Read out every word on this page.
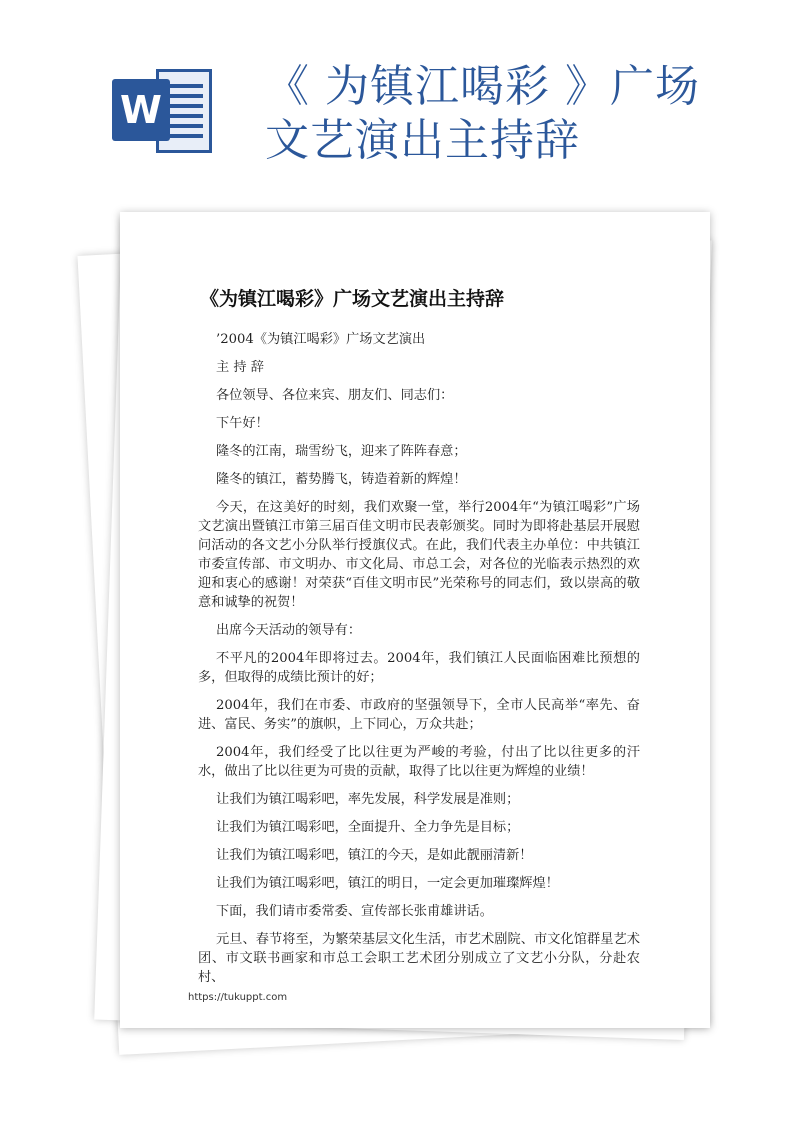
W 《 为镇江喝彩 》广场文艺演出主持辞
《为镇江喝彩》广场文艺演出主持辞

’2004《为镇江喝彩》广场文艺演出

主 持 辞

各位领导、各位来宾、朋友们、同志们：

下午好！

隆冬的江南，瑞雪纷飞，迎来了阵阵春意；

隆冬的镇江，蓄势腾飞，铸造着新的辉煌！

今天，在这美好的时刻，我们欢聚一堂，举行2004年“为镇江喝彩”广场文艺演出暨镇江市第三届百佳文明市民表彰颁奖。同时为即将赴基层开展慰问活动的各文艺小分队举行授旗仪式。在此，我们代表主办单位：中共镇江市委宣传部、市文明办、市文化局、市总工会，对各位的光临表示热烈的欢迎和衷心的感谢！对荣获“百佳文明市民”光荣称号的同志们，致以崇高的敬意和诚挚的祝贺！

出席今天活动的领导有：

不平凡的2004年即将过去。2004年，我们镇江人民面临困难比预想的多，但取得的成绩比预计的好；

2004年，我们在市委、市政府的坚强领导下，全市人民高举“率先、奋进、富民、务实”的旗帜，上下同心，万众共赴；

2004年，我们经受了比以往更为严峻的考验，付出了比以往更多的汗水，做出了比以往更为可贵的贡献，取得了比以往更为辉煌的业绩！

让我们为镇江喝彩吧，率先发展，科学发展是准则；

让我们为镇江喝彩吧，全面提升、全力争先是目标；

让我们为镇江喝彩吧，镇江的今天，是如此靓丽清新！

让我们为镇江喝彩吧，镇江的明日，一定会更加璀璨辉煌！

下面，我们请市委常委、宣传部长张甫雄讲话。

元旦、春节将至，为繁荣基层文化生活，市艺术剧院、市文化馆群星艺术团、市文联书画家和市总工会职工艺术团分别成立了文艺小分队，分赴农村、

https://tukuppt.com
